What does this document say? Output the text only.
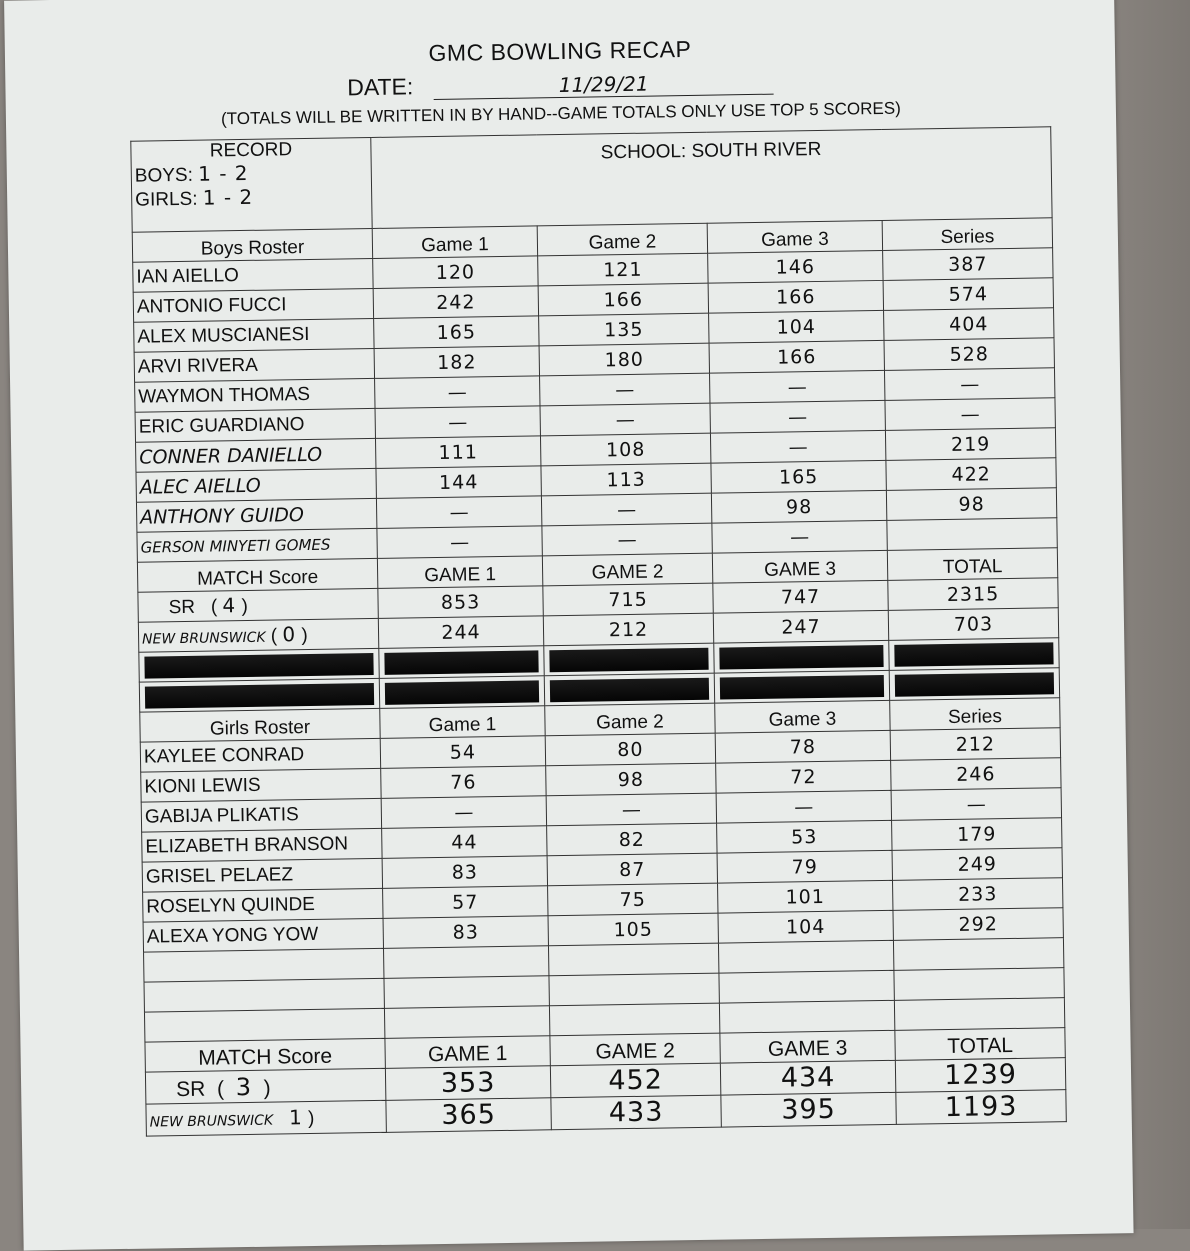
GMC BOWLING RECAP
DATE:	11/29/21
(TOTALS WILL BE WRITTEN IN BY HAND--GAME TOTALS ONLY USE TOP 5 SCORES)
RECORD
BOYS: 1 - 2
GIRLS: 1 - 2	SCHOOL: SOUTH RIVER			
Boys Roster	Game 1	Game 2	Game 3	Series
IAN AIELLO	120	121	146	387
ANTONIO FUCCI	242	166	166	574
ALEX MUSCIANESI	165	135	104	404
ARVI RIVERA	182	180	166	528
WAYMON THOMAS	—	—	—	—
ERIC GUARDIANO	—	—	—	—
CONNER DANIELLO	111	108	—	219
ALEC AIELLO	144	113	165	422
ANTHONY GUIDO	—	—	98	98
GERSON MINYETI GOMES	—	—	—	
MATCH Score	GAME 1	GAME 2	GAME 3	TOTAL
SR   ( 4 )	853	715	747	2315
NEW BRUNSWICK ( 0 )	244	212	247	703

Girls Roster	Game 1	Game 2	Game 3	Series
KAYLEE CONRAD	54	80	78	212
KIONI LEWIS	76	98	72	246
GABIJA PLIKATIS	—	—	—	—
ELIZABETH BRANSON	44	82	53	179
GRISEL PELAEZ	83	87	79	249
ROSELYN QUINDE	57	75	101	233
ALEXA YONG YOW	83	105	104	292

MATCH Score	GAME 1	GAME 2	GAME 3	TOTAL
SR  (  3  )	353	452	434	1239
NEW BRUNSWICK 1 )	365	433	395	1193
